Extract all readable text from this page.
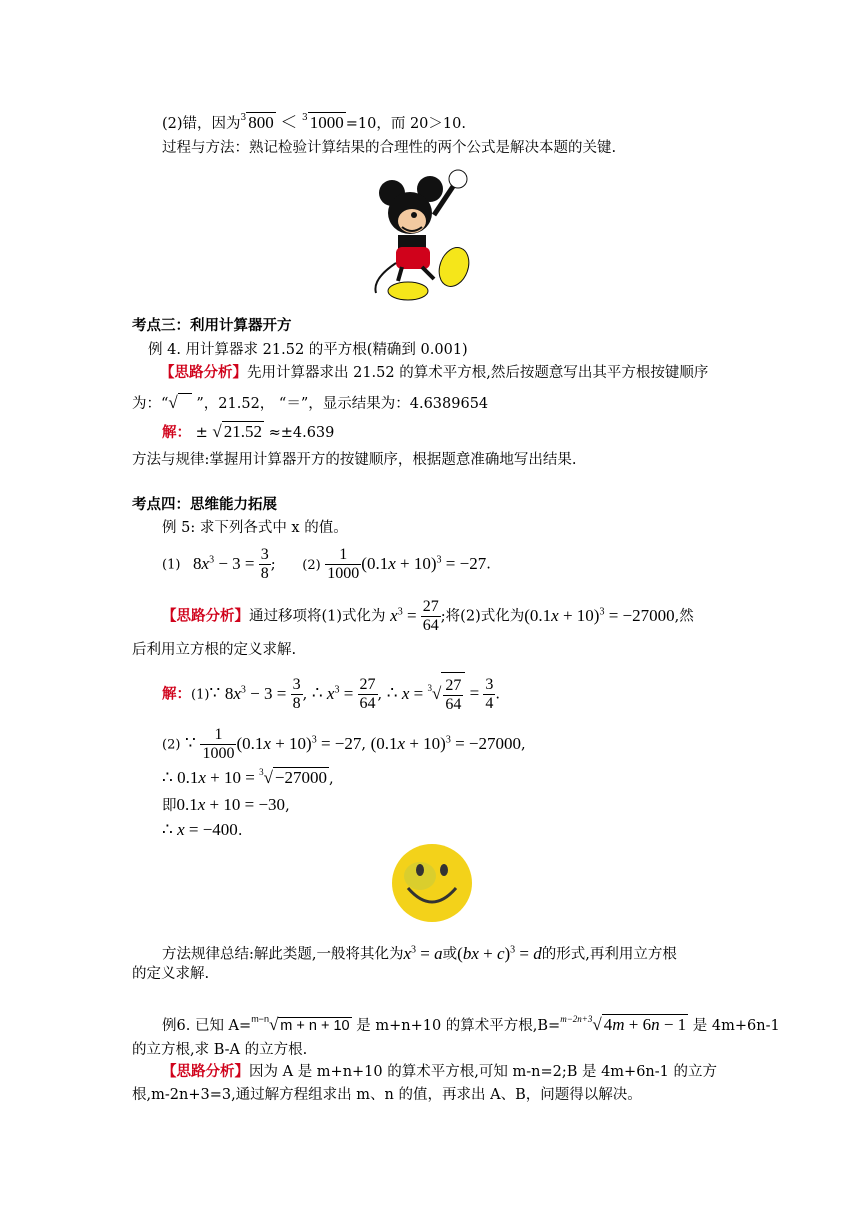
(2)错，因为$^3$ 800 ＜ $^3$ 1000 =10，而 20＞10.
过程与方法：熟记检验计算结果的合理性的两个公式是解决本题的关键.
考点三：利用计算器开方
例 4. 用计算器求 21.52 的平方根(精确到 0.001)
【思路分析】先用计算器求出 21.52 的算术平方根,然后按题意写出其平方根按键顺序
为：“√ ”，21.52， “＝”，显示结果为：4.6389654
解： ± √ 21.52 ≈±4.639
方法与规律:掌握用计算器开方的按键顺序，根据题意准确地写出结果.
考点四：思维能力拓展
例 5: 求下列各式中 x 的值。
(1) $8x^3 - 3 = \frac{3}{8}$ ; $(2) \frac{1}{1000} (0.1x + 10)^3 = -27$.
【思路分析】通过移项将(1)式化为 $x^3 = \frac{27}{64}$ ;将(2)式化为$(0.1x + 10)^3 = -27000$,然
后利用立方根的定义求解.
解：(1)∵ $8x^3 - 3 = \frac{3}{8}$ , ∴ $x^3 = \frac{27}{64}$ , ∴ $x = ^3√ \frac{27}{64} = \frac{3}{4}$ .
(2) ∵ $\frac{1}{1000} (0.1x + 10)^3 = -27$, $(0.1x + 10)^3 = -27000$,
∴ 0.1x + 10 = $^3$√ −27000 ,
即0.1x + 10 = −30,
∴ x = −400.
方法规律总结:解此类题,一般将其化为$x^3 = a$或(bx + c)$^3$ = d的形式,再利用立方根
的定义求解.
例6. 已知 A=$^{m-n}$√ m + n + 10 是 m+n+10 的算术平方根,B=$^{m-2n+3}$√ 4m + 6n − 1 是 4m+6n-1
的立方根,求 B-A 的立方根.
【思路分析】因为 A 是 m+n+10 的算术平方根,可知 m-n=2;B 是 4m+6n-1 的立方
根,m-2n+3=3,通过解方程组求出 m、n 的值，再求出 A、B，问题得以解决。
